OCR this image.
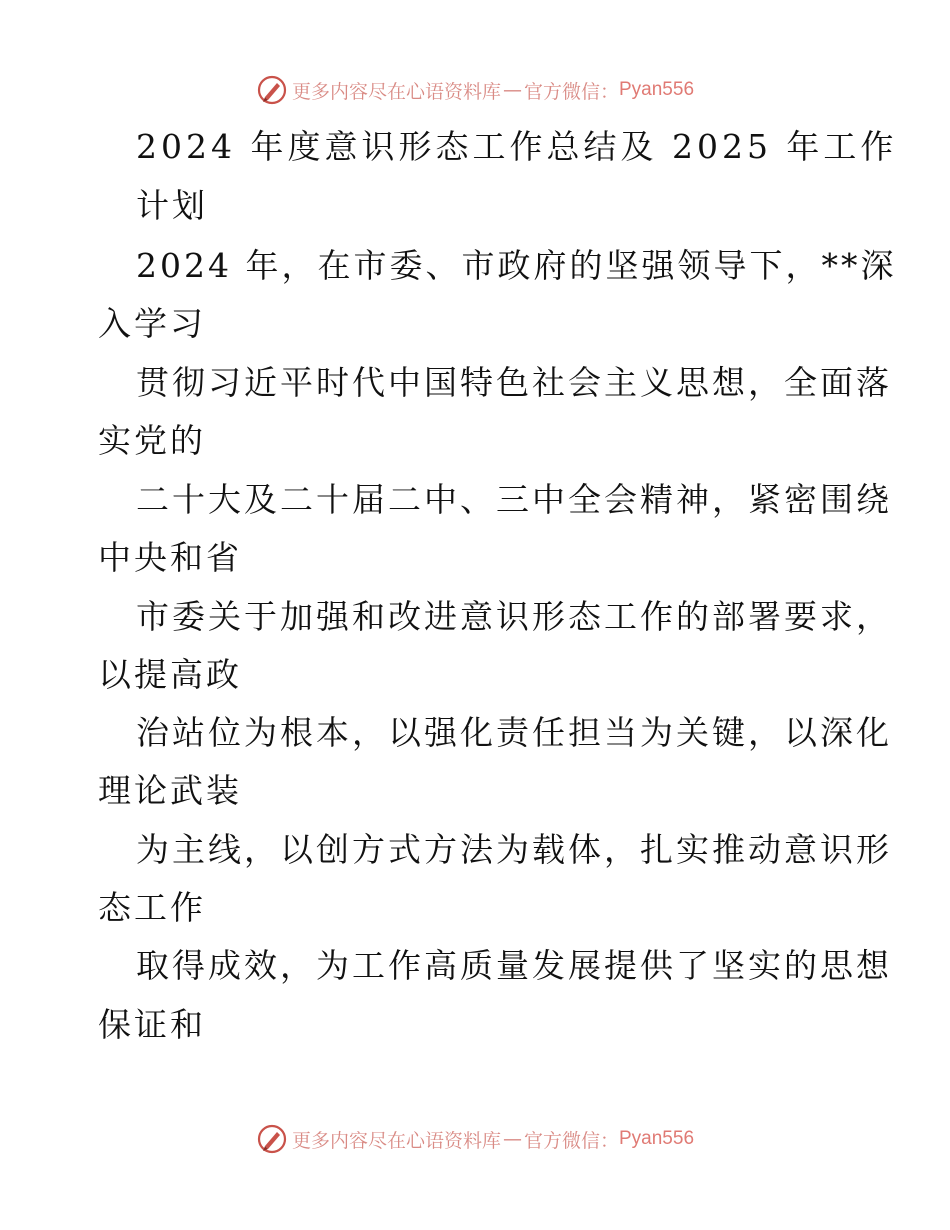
更多内容尽在心语资料库 — 官方微信： Pyan556
2024 年度意识形态工作总结及 2025 年工作
计划
2024 年，在市委、市政府的坚强领导下，**深
入学习
贯彻习近平时代中国特色社会主义思想，全面落
实党的
二十大及二十届二中、三中全会精神，紧密围绕
中央和省
市委关于加强和改进意识形态工作的部署要求，
以提高政
治站位为根本，以强化责任担当为关键，以深化
理论武装
为主线，以创方式方法为载体，扎实推动意识形
态工作
取得成效，为工作高质量发展提供了坚实的思想
保证和
更多内容尽在心语资料库 — 官方微信： Pyan556
